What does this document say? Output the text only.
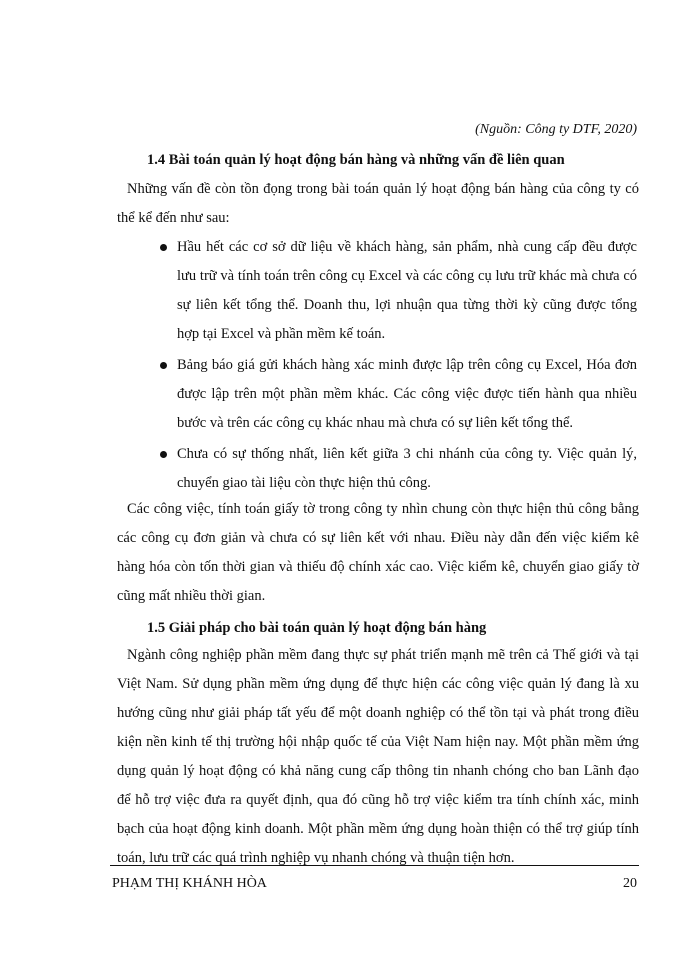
(Nguồn: Công ty DTF, 2020)
1.4 Bài toán quản lý hoạt động bán hàng và những vấn đề liên quan

Những vấn đề còn tồn đọng trong bài toán quản lý hoạt động bán hàng của công ty có thể kể đến như sau:

Hầu hết các cơ sở dữ liệu về khách hàng, sản phẩm, nhà cung cấp đều được lưu trữ và tính toán trên công cụ Excel và các công cụ lưu trữ khác mà chưa có sự liên kết tổng thể. Doanh thu, lợi nhuận qua từng thời kỳ cũng được tổng hợp tại Excel và phần mềm kế toán.
Bảng báo giá gửi khách hàng xác minh được lập trên công cụ Excel, Hóa đơn được lập trên một phần mềm khác. Các công việc được tiến hành qua nhiều bước và trên các công cụ khác nhau mà chưa có sự liên kết tổng thể.
Chưa có sự thống nhất, liên kết giữa 3 chi nhánh của công ty. Việc quản lý, chuyển giao tài liệu còn thực hiện thủ công.

Các công việc, tính toán giấy tờ trong công ty nhìn chung còn thực hiện thủ công bằng các công cụ đơn giản và chưa có sự liên kết với nhau. Điều này dẫn đến việc kiểm kê hàng hóa còn tốn thời gian và thiếu độ chính xác cao. Việc kiểm kê, chuyển giao giấy tờ cũng mất nhiều thời gian.

1.5 Giải pháp cho bài toán quản lý hoạt động bán hàng

Ngành công nghiệp phần mềm đang thực sự phát triển mạnh mẽ trên cả Thế giới và tại Việt Nam. Sử dụng phần mềm ứng dụng để thực hiện các công việc quản lý đang là xu hướng cũng như giải pháp tất yếu để một doanh nghiệp có thể tồn tại và phát trong điều kiện nền kinh tế thị trường hội nhập quốc tế của Việt Nam hiện nay. Một phần mềm ứng dụng quản lý hoạt động có khả năng cung cấp thông tin nhanh chóng cho ban Lãnh đạo để hỗ trợ việc đưa ra quyết định, qua đó cũng hỗ trợ việc kiểm tra tính chính xác, minh bạch của hoạt động kinh doanh. Một phần mềm ứng dụng hoàn thiện có thể trợ giúp tính toán, lưu trữ các quá trình nghiệp vụ nhanh chóng và thuận tiện hơn.

PHẠM THỊ KHÁNH HÒA	20
